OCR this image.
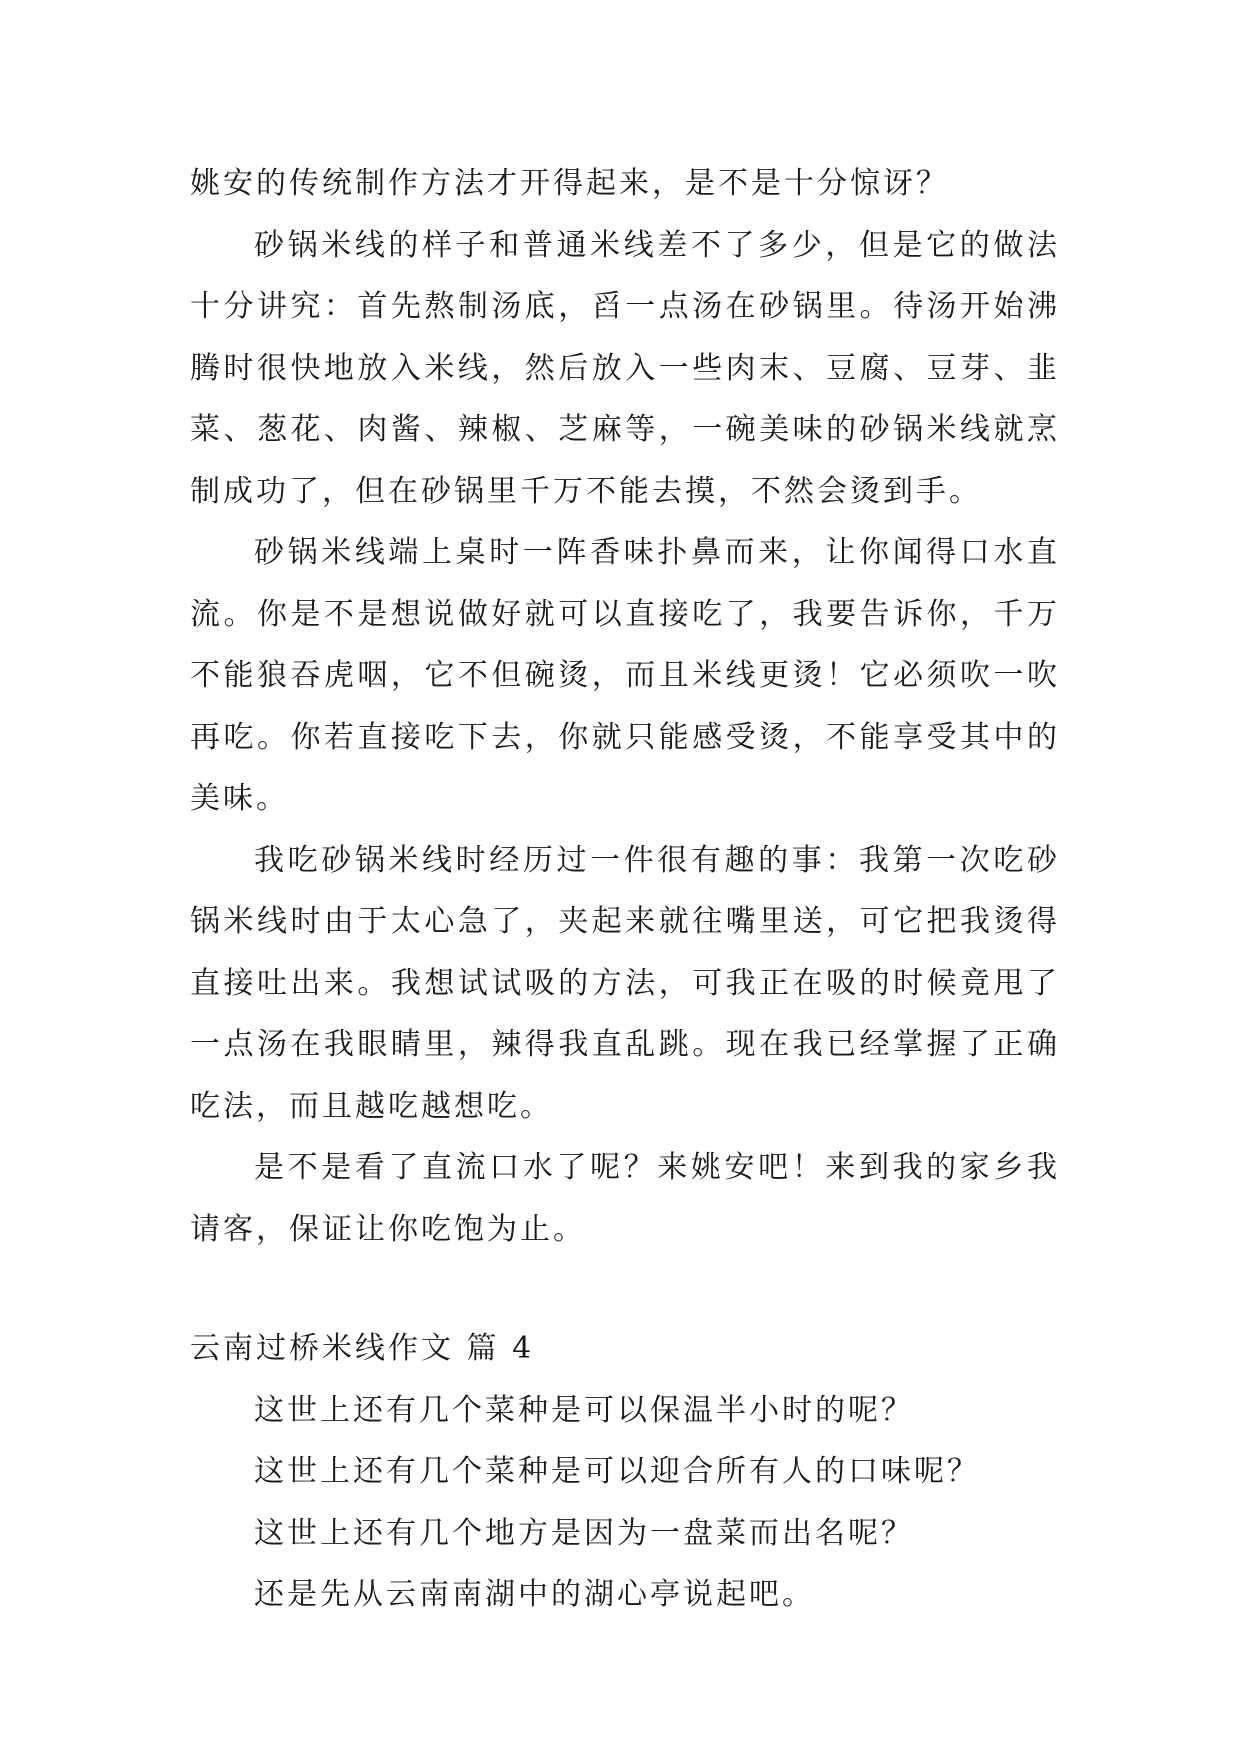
姚安的传统制作方法才开得起来，是不是十分惊讶？

砂锅米线的样子和普通米线差不了多少，但是它的做法十分讲究：首先熬制汤底，舀一点汤在砂锅里。待汤开始沸腾时很快地放入米线，然后放入一些肉末、豆腐、豆芽、韭菜、葱花、肉酱、辣椒、芝麻等，一碗美味的砂锅米线就烹制成功了，但在砂锅里千万不能去摸，不然会烫到手。

砂锅米线端上桌时一阵香味扑鼻而来，让你闻得口水直流。你是不是想说做好就可以直接吃了，我要告诉你，千万不能狼吞虎咽，它不但碗烫，而且米线更烫！它必须吹一吹再吃。你若直接吃下去，你就只能感受烫，不能享受其中的美味。

我吃砂锅米线时经历过一件很有趣的事：我第一次吃砂锅米线时由于太心急了，夹起来就往嘴里送，可它把我烫得直接吐出来。我想试试吸的方法，可我正在吸的时候竟甩了一点汤在我眼睛里，辣得我直乱跳。现在我已经掌握了正确吃法，而且越吃越想吃。

是不是看了直流口水了呢？来姚安吧！来到我的家乡我请客，保证让你吃饱为止。

云南过桥米线作文 篇 4

这世上还有几个菜种是可以保温半小时的呢？

这世上还有几个菜种是可以迎合所有人的口味呢？

这世上还有几个地方是因为一盘菜而出名呢？

还是先从云南南湖中的湖心亭说起吧。
